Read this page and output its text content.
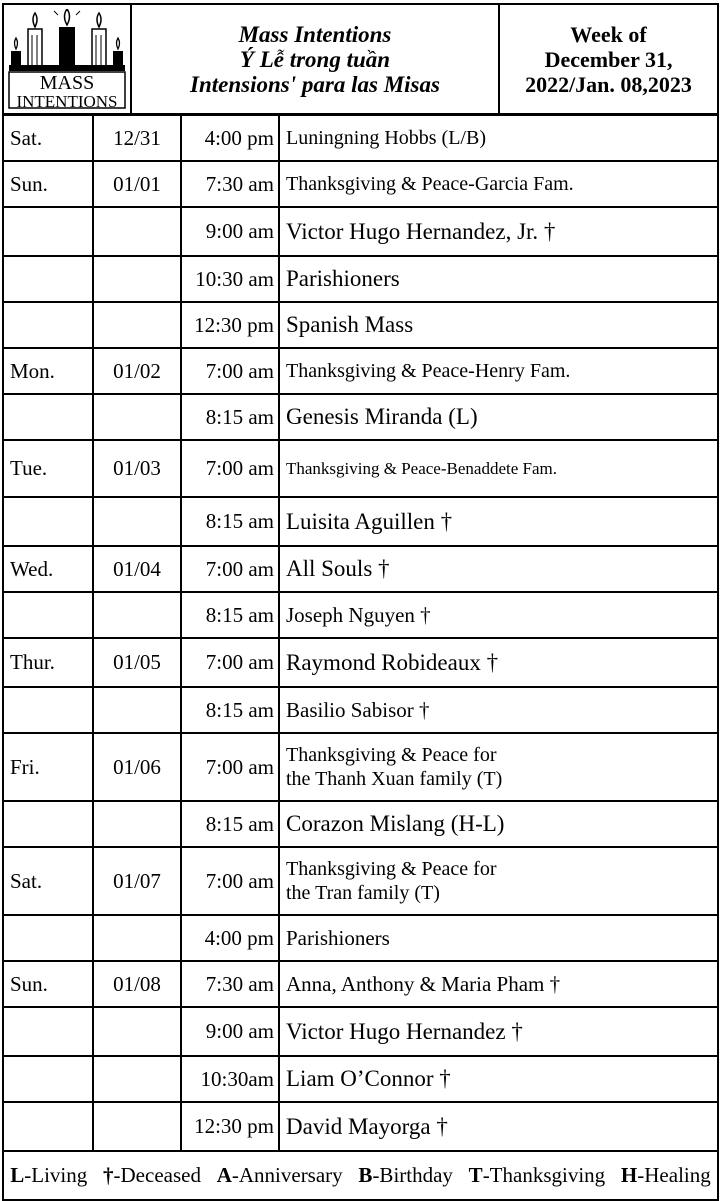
MASS
INTENTIONS
Mass Intentions
Ý Lễ trong tuần
Intensions' para las Misas
Week of
December 31,
2022/Jan. 08,2023
Sat.	12/31	4:00 pm	Luningning Hobbs (L/B)

Sun.	01/01	7:30 am	Thanksgiving & Peace-Garcia Fam.

		9:00 am	Victor Hugo Hernandez, Jr. †

		10:30 am	Parishioners

		12:30 pm	Spanish Mass

Mon.	01/02	7:00 am	Thanksgiving & Peace-Henry Fam.

		8:15 am	Genesis Miranda (L)

Tue.	01/03	7:00 am	Thanksgiving & Peace-Benaddete Fam.

		8:15 am	Luisita Aguillen †

Wed.	01/04	7:00 am	All Souls †

		8:15 am	Joseph Nguyen †

Thur.	01/05	7:00 am	Raymond Robideaux †

		8:15 am	Basilio Sabisor †

Fri.	01/06	7:00 am	Thanksgiving & Peace for
the Thanh Xuan family (T)

		8:15 am	Corazon Mislang (H-L)

Sat.	01/07	7:00 am	Thanksgiving & Peace for
the Tran family (T)

		4:00 pm	Parishioners

Sun.	01/08	7:30 am	Anna, Anthony & Maria Pham †

		9:00 am	Victor Hugo Hernandez †

		10:30am	Liam O’Connor †

		12:30 pm	David Mayorga †

L-Living †-Deceased A-Anniversary B-Birthday T-Thanksgiving H-Healing			
